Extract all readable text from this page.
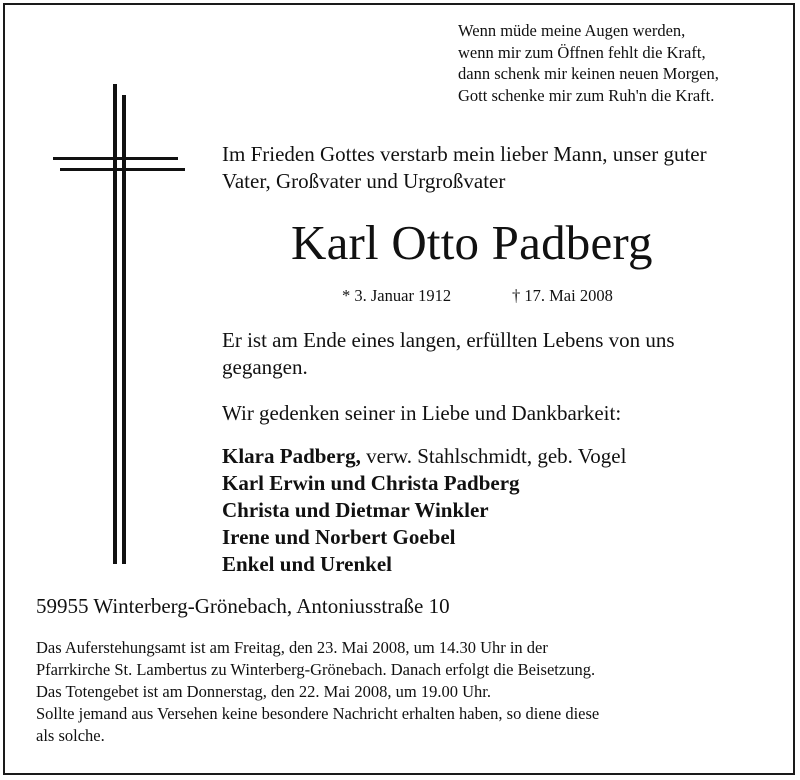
Wenn müde meine Augen werden,
wenn mir zum Öffnen fehlt die Kraft,
dann schenk mir keinen neuen Morgen,
Gott schenke mir zum Ruh'n die Kraft.
Im Frieden Gottes verstarb mein lieber Mann, unser guter
Vater, Großvater und Urgroßvater
Karl Otto Padberg
* 3. Januar 1912	† 17. Mai 2008
Er ist am Ende eines langen, erfüllten Lebens von uns
gegangen.
Wir gedenken seiner in Liebe und Dankbarkeit:
Klara Padberg, verw. Stahlschmidt, geb. Vogel
Karl Erwin und Christa Padberg
Christa und Dietmar Winkler
Irene und Norbert Goebel
Enkel und Urenkel
59955 Winterberg-Grönebach, Antoniusstraße 10
Das Auferstehungsamt ist am Freitag, den 23. Mai 2008, um 14.30 Uhr in der
Pfarrkirche St. Lambertus zu Winterberg-Grönebach. Danach erfolgt die Beisetzung.
Das Totengebet ist am Donnerstag, den 22. Mai 2008, um 19.00 Uhr.
Sollte jemand aus Versehen keine besondere Nachricht erhalten haben, so diene diese
als solche.
